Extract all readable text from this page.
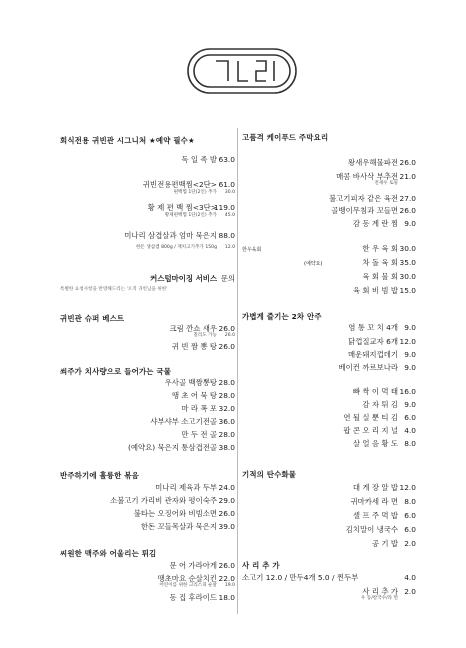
회식전용 귀빈관 시그니처 ★예약 필수★
독 일 족 발 63.0
귀빈전용편백찜<2단> 61.0
편백찜 1단(2인) 추가 30.0
황 제 편 백 찜<3단>
119.0
황제편백찜 1단(2인) 추가 45.0
미나리 삼겹살과 엄마 묵은지 88.0
한돈 생삼겹 800g / 재치고기추가 150g 12.0
커스텀마이징 서비스 문의
특별한 요청사항을 반영해드리는 '오직 귀빈님을 위한'
귀빈관 슈퍼 베스트
크림 깐쇼 새우 26.0
칠리도 가능 26.0
귀 빈 짬 뽕 탕 26.0
쐬주가 치사량으로 들어가는 국물
우사골 백짬뽕탕 28.0
땡 초 어 묵 탕 28.0
마 라 폭 포 32.0
샤부샤부 소고기전골 36.0
만 두 전 골 28.0
(예약요) 묵은지 통삼겹전골 38.0
반주하기에 훌륭한 볶음
미나리 제육과 두부 24.0
소불고기 가리비 관자와 평이숙주 29.0
불타는 오징어와 비빔소면 26.0
한돈 꼬들목살과 묵은지 39.0
씨원한 맥주와 어울리는 튀김
문 어 가라아게 26.0
땡초마요 순살치킨 22.0
어린이를 위한 크리스피 순살 19.0
동 집 후라이드 18.0
고품격 케이푸드 주막요리
왕새우해물파전 26.0
매콤 바사삭 부추전 21.0
전새우 토핑
불고기피자 같은 육전 27.0
골뱅이무침과 꼬들면 26.0
감 동 계 란 찜 9.0
한우육회	한 우 육 회 30.0
차 돌 육 회 35.0
(예약요)
육 회 물 회 30.0
육 회 비 빔 밥 15.0
가볍게 즐기는 2차 안주
염 통 꼬 치 4개 9.0
닭껍질교자 6개 12.0
매운돼지껍데기 9.0
베이컨 까르보나라 9.0
빠 싹 이 먹 태 16.0
감 자 튀 김 9.0
연 될 실 뿐 티 김 6.0
팝 콘 오 리 지 널 4.0
살 얼 음 황 도 8.0
기적의 탄수화물
대 게 장 알 밥 12.0
귀마카세 라 면 8.0
셀 프 주 먹 밥 6.0
김치말이 냉국수 6.0
공 기 밥 2.0
사 리 추 가
소고기 12.0 / 만두4개 5.0 / 찐두부	4.0
사 리 추 가 2.0
우 동/칼국수/라 면
